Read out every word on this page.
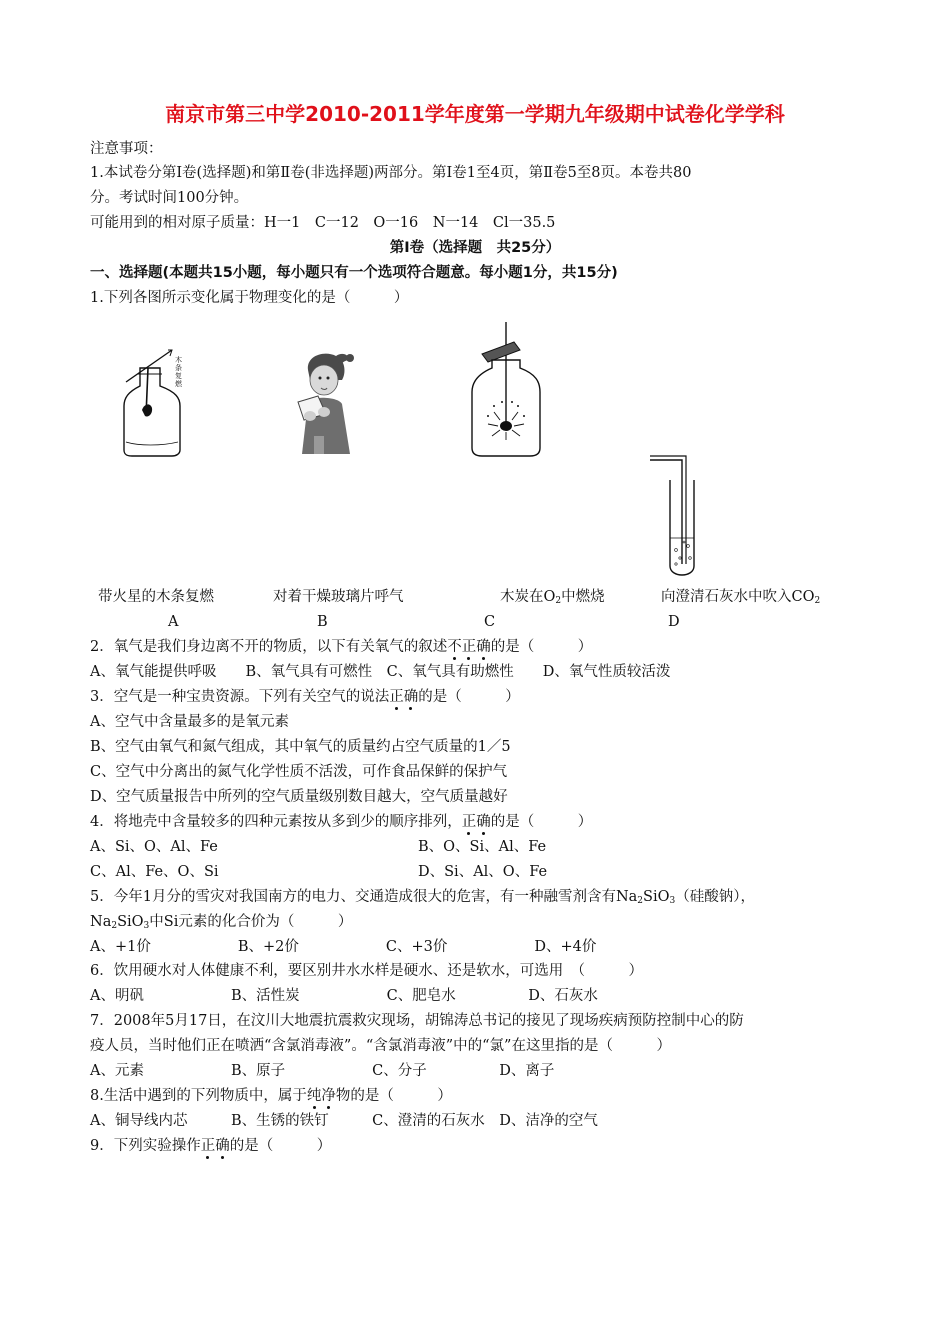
南京市第三中学2010-2011学年度第一学期九年级期中试卷化学学科
注意事项：
1.本试卷分第Ⅰ卷(选择题)和第Ⅱ卷(非选择题)两部分。第Ⅰ卷1至4页，第Ⅱ卷5至8页。本卷共80
分。考试时间100分钟。
可能用到的相对原子质量：H一1　C一12　O一16　N一14　Cl一35.5
第Ⅰ卷（选择题　共25分）
一、选择题(本题共15小题，每小题只有一个选项符合题意。每小题1分，共15分)
1.下列各图所示变化属于物理变化的是（　　　）
木条复燃
带火星的木条复燃	对着干燥玻璃片呼气	木炭在$O_2$中燃烧	向澄清石灰水中吹入$CO_2$
A	B	C	D
2．氧气是我们身边离不开的物质，以下有关氧气的叙述不正确的是（　　　）
A、氧气能提供呼吸　　B、氧气具有可燃性　C、氧气具有助燃性　　D、氧气性质较活泼
3．空气是一种宝贵资源。下列有关空气的说法正确的是（　　　）
A、空气中含量最多的是氧元素
B、空气由氧气和氮气组成，其中氧气的质量约占空气质量的1／5
C、空气中分离出的氮气化学性质不活泼，可作食品保鲜的保护气
D、空气质量报告中所列的空气质量级别数目越大，空气质量越好
4．将地壳中含量较多的四种元素按从多到少的顺序排列，正确的是（　　　）
A、Si、O、Al、Fe	B、O、Si、Al、Fe
C、Al、Fe、O、Si	D、Si、Al、O、Fe
5．今年1月分的雪灾对我国南方的电力、交通造成很大的危害，有一种融雪剂含有$Na_2SiO_3$（硅酸钠），
$Na_2SiO_3$中Si元素的化合价为（　　　）
A、+1价　　　　　　B、+2价　　　　　　C、+3价　　　　　　D、+4价
6．饮用硬水对人体健康不利，要区别井水水样是硬水、还是软水，可选用　（　　　）
A、明矾　　　　　　B、活性炭　　　　　　C、肥皂水　　　　　D、石灰水
7．2008年5月17日，在汶川大地震抗震救灾现场，胡锦涛总书记的接见了现场疾病预防控制中心的防
疫人员，当时他们正在喷洒“含氯消毒液”。“含氯消毒液”中的“氯”在这里指的是（　　　）
A、元素　　　　　　B、原子　　　　　　C、分子　　　　　D、离子
8.生活中遇到的下列物质中，属于纯净物的是（　　　）
A、铜导线内芯　　　B、生锈的铁钉　　　C、澄清的石灰水　D、洁净的空气
9．下列实验操作正确的是（　　　）
